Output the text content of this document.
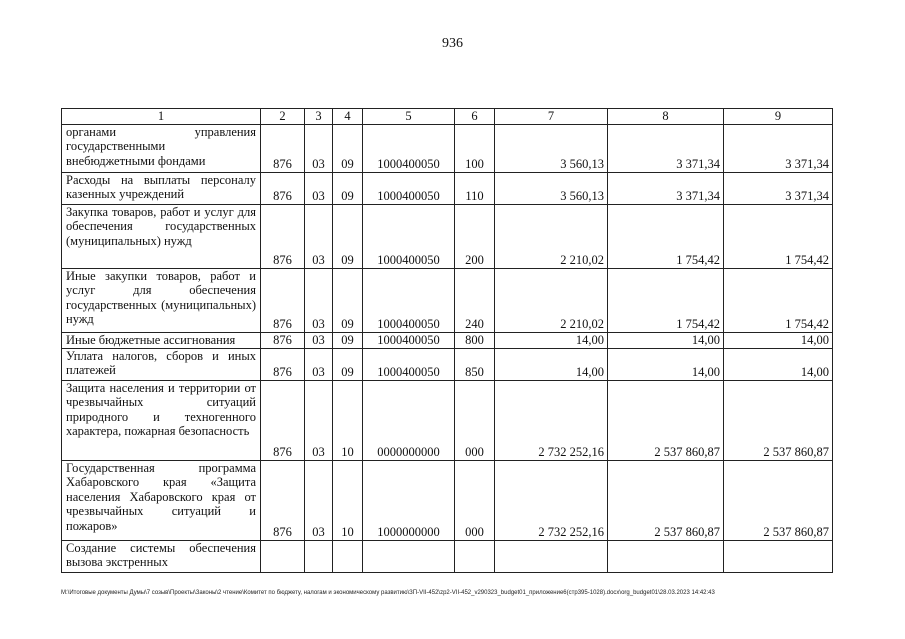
936
1	2	3	4	5	6	7	8	9
органами управления государственными внебюджетными фондами	876	03	09	1000400050	100	3 560,13	3 371,34	3 371,34
Расходы на выплаты персоналу казенных учреждений	876	03	09	1000400050	110	3 560,13	3 371,34	3 371,34
Закупка товаров, работ и услуг для обеспечения государственных (муниципальных) нужд	876	03	09	1000400050	200	2 210,02	1 754,42	1 754,42
Иные закупки товаров, работ и услуг для обеспечения государственных (муниципальных) нужд	876	03	09	1000400050	240	2 210,02	1 754,42	1 754,42
Иные бюджетные ассигнования	876	03	09	1000400050	800	14,00	14,00	14,00
Уплата налогов, сборов и иных платежей	876	03	09	1000400050	850	14,00	14,00	14,00
Защита населения и территории от чрезвычайных ситуаций природного и техногенного характера, пожарная безопасность	876	03	10	0000000000	000	2 732 252,16	2 537 860,87	2 537 860,87
Государственная программа Хабаровского края «Защита населения Хабаровского края от чрезвычайных ситуаций и пожаров»	876	03	10	1000000000	000	2 732 252,16	2 537 860,87	2 537 860,87
Создание системы обеспечения вызова экстренных								
М:\Итоговые документы Думы\7 созыв\Проекты\Законы\2 чтение\Комитет по бюджету, налогам и экономическому развитию\ЗП-VII-452\zp2-VII-452_v290323_budget01_приложение6(стр395-1028).docx\org_budget01\28.03.2023 14:42:43
